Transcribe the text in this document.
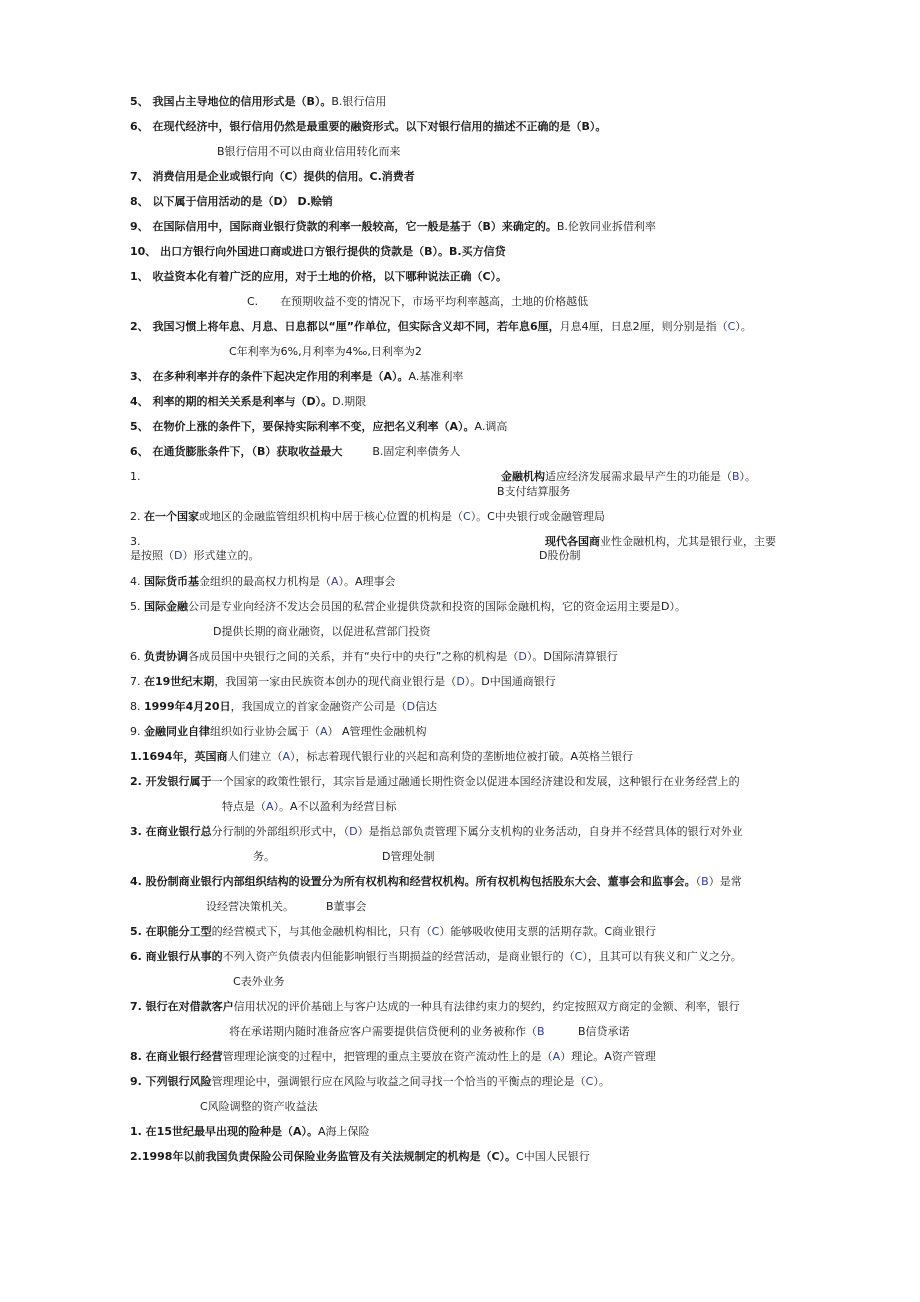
5、 我国占主导地位的信用形式是（B）。B.银行信用
6、 在现代经济中，银行信用仍然是最重要的融资形式。以下对银行信用的描述不正确的是（B）。
B银行信用不可以由商业信用转化而来
7、 消费信用是企业或银行向（C）提供的信用。C.消费者
8、 以下属于信用活动的是（D） D.赊销
9、 在国际信用中，国际商业银行贷款的利率一般较高，它一般是基于（B）来确定的。B.伦敦同业拆借利率
10、 出口方银行向外国进口商或进口方银行提供的贷款是（B）。B.买方信贷
1、 收益资本化有着广泛的应用，对于土地的价格，以下哪种说法正确（C）。
C. 在预期收益不变的情况下，市场平均利率越高，土地的价格越低
2、 我国习惯上将年息、月息、日息都以“厘”作单位，但实际含义却不同，若年息6厘，月息4厘，日息2厘，则分别是指（C）。
C年利率为6%,月利率为4‰,日利率为2
3、 在多种利率并存的条件下起决定作用的利率是（A）。A.基准利率
4、 利率的期的相关关系是利率与（D）。D.期限
5、 在物价上涨的条件下，要保持实际利率不变，应把名义利率（A）。A.调高
6、 在通货膨胀条件下，（B）获取收益最大	B.固定利率债务人
1.	金融机构适应经济发展需求最早产生的功能是（B）。
B支付结算服务
2. 在一个国家或地区的金融监管组织机构中居于核心位置的机构是（C）。C中央银行或金融管理局
3.	现代各国商业性金融机构，尤其是银行业，主要
是按照（D）形式建立的。	D股份制
4. 国际货币基金组织的最高权力机构是（A）。A理事会
5. 国际金融公司是专业向经济不发达会员国的私营企业提供贷款和投资的国际金融机构，它的资金运用主要是D）。
D提供长期的商业融资，以促进私营部门投资
6. 负责协调各成员国中央银行之间的关系，并有“央行中的央行”之称的机构是（D）。D国际清算银行
7. 在19世纪末期，我国第一家由民族资本创办的现代商业银行是（D）。D中国通商银行
8. 1999年4月20日，我国成立的首家金融资产公司是（D信达
9. 金融同业自律组织如行业协会属于（A） A管理性金融机构
1.1694年，英国商人们建立（A），标志着现代银行业的兴起和高利贷的垄断地位被打破。A英格兰银行
2. 开发银行属于一个国家的政策性银行，其宗旨是通过融通长期性资金以促进本国经济建设和发展，这种银行在业务经营上的
特点是（A）。A不以盈利为经营目标
3. 在商业银行总分行制的外部组织形式中，（D）是指总部负责管理下属分支机构的业务活动，自身并不经营具体的银行对外业
务。	D管理处制
4. 股份制商业银行内部组织结构的设置分为所有权机构和经营权机构。所有权机构包括股东大会、董事会和监事会。（B）是常
设经营决策机关。	B董事会
5. 在职能分工型的经营模式下，与其他金融机构相比，只有（C）能够吸收使用支票的活期存款。C商业银行
6. 商业银行从事的不列入资产负债表内但能影响银行当期损益的经营活动，是商业银行的（C），且其可以有狭义和广义之分。
C表外业务
7. 银行在对借款客户信用状况的评价基础上与客户达成的一种具有法律约束力的契约，约定按照双方商定的金额、利率，银行
将在承诺期内随时准备应客户需要提供信贷便利的业务被称作（B	B信贷承诺
8. 在商业银行经营管理理论演变的过程中，把管理的重点主要放在资产流动性上的是（A）理论。A资产管理
9. 下列银行风险管理理论中，强调银行应在风险与收益之间寻找一个恰当的平衡点的理论是（C）。
C风险调整的资产收益法
1. 在15世纪最早出现的险种是（A）。A海上保险
2.1998年以前我国负责保险公司保险业务监管及有关法规制定的机构是（C）。C中国人民银行
